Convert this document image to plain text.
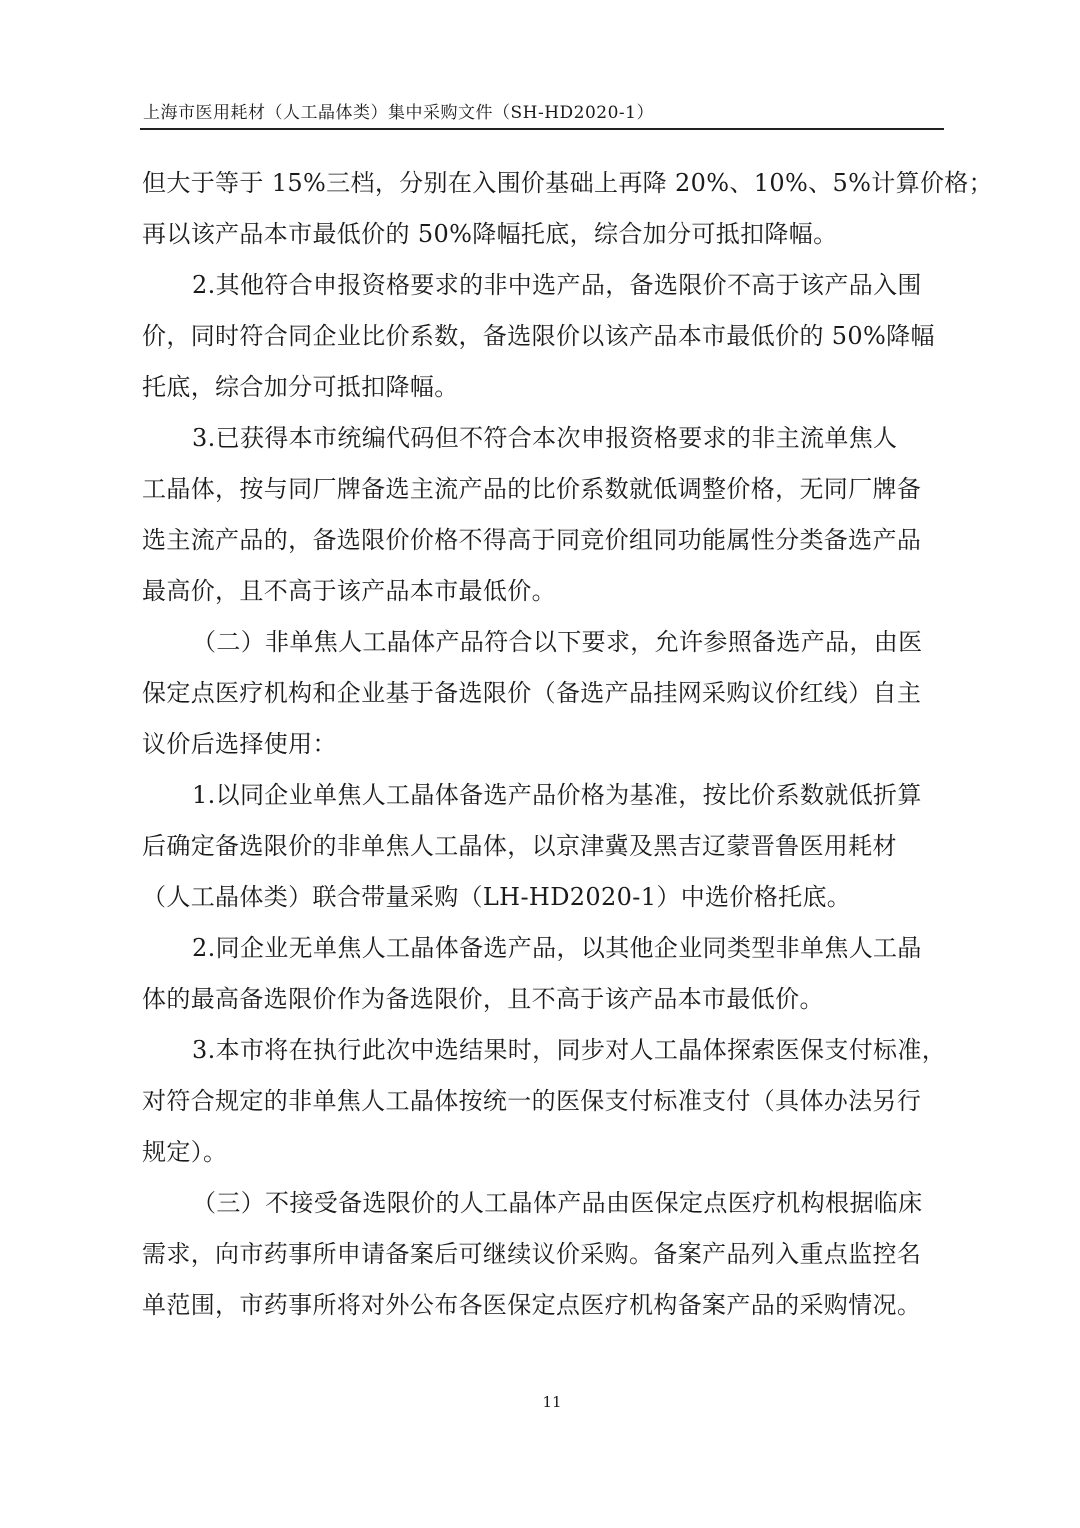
上海市医用耗材（人工晶体类）集中采购文件（SH-HD2020-1）

但大于等于 15%三档，分别在入围价基础上再降 20%、10%、5%计算价格；
再以该产品本市最低价的 50%降幅托底，综合加分可抵扣降幅。

2.其他符合申报资格要求的非中选产品，备选限价不高于该产品入围
价，同时符合同企业比价系数，备选限价以该产品本市最低价的 50%降幅
托底，综合加分可抵扣降幅。

3.已获得本市统编代码但不符合本次申报资格要求的非主流单焦人
工晶体，按与同厂牌备选主流产品的比价系数就低调整价格，无同厂牌备
选主流产品的，备选限价价格不得高于同竞价组同功能属性分类备选产品
最高价，且不高于该产品本市最低价。

（二）非单焦人工晶体产品符合以下要求，允许参照备选产品，由医
保定点医疗机构和企业基于备选限价（备选产品挂网采购议价红线）自主
议价后选择使用：

1.以同企业单焦人工晶体备选产品价格为基准，按比价系数就低折算
后确定备选限价的非单焦人工晶体，以京津冀及黑吉辽蒙晋鲁医用耗材
（人工晶体类）联合带量采购（LH-HD2020-1）中选价格托底。

2.同企业无单焦人工晶体备选产品，以其他企业同类型非单焦人工晶
体的最高备选限价作为备选限价，且不高于该产品本市最低价。

3.本市将在执行此次中选结果时，同步对人工晶体探索医保支付标准，
对符合规定的非单焦人工晶体按统一的医保支付标准支付（具体办法另行
规定）。

（三）不接受备选限价的人工晶体产品由医保定点医疗机构根据临床
需求，向市药事所申请备案后可继续议价采购。备案产品列入重点监控名
单范围，市药事所将对外公布各医保定点医疗机构备案产品的采购情况。

11
